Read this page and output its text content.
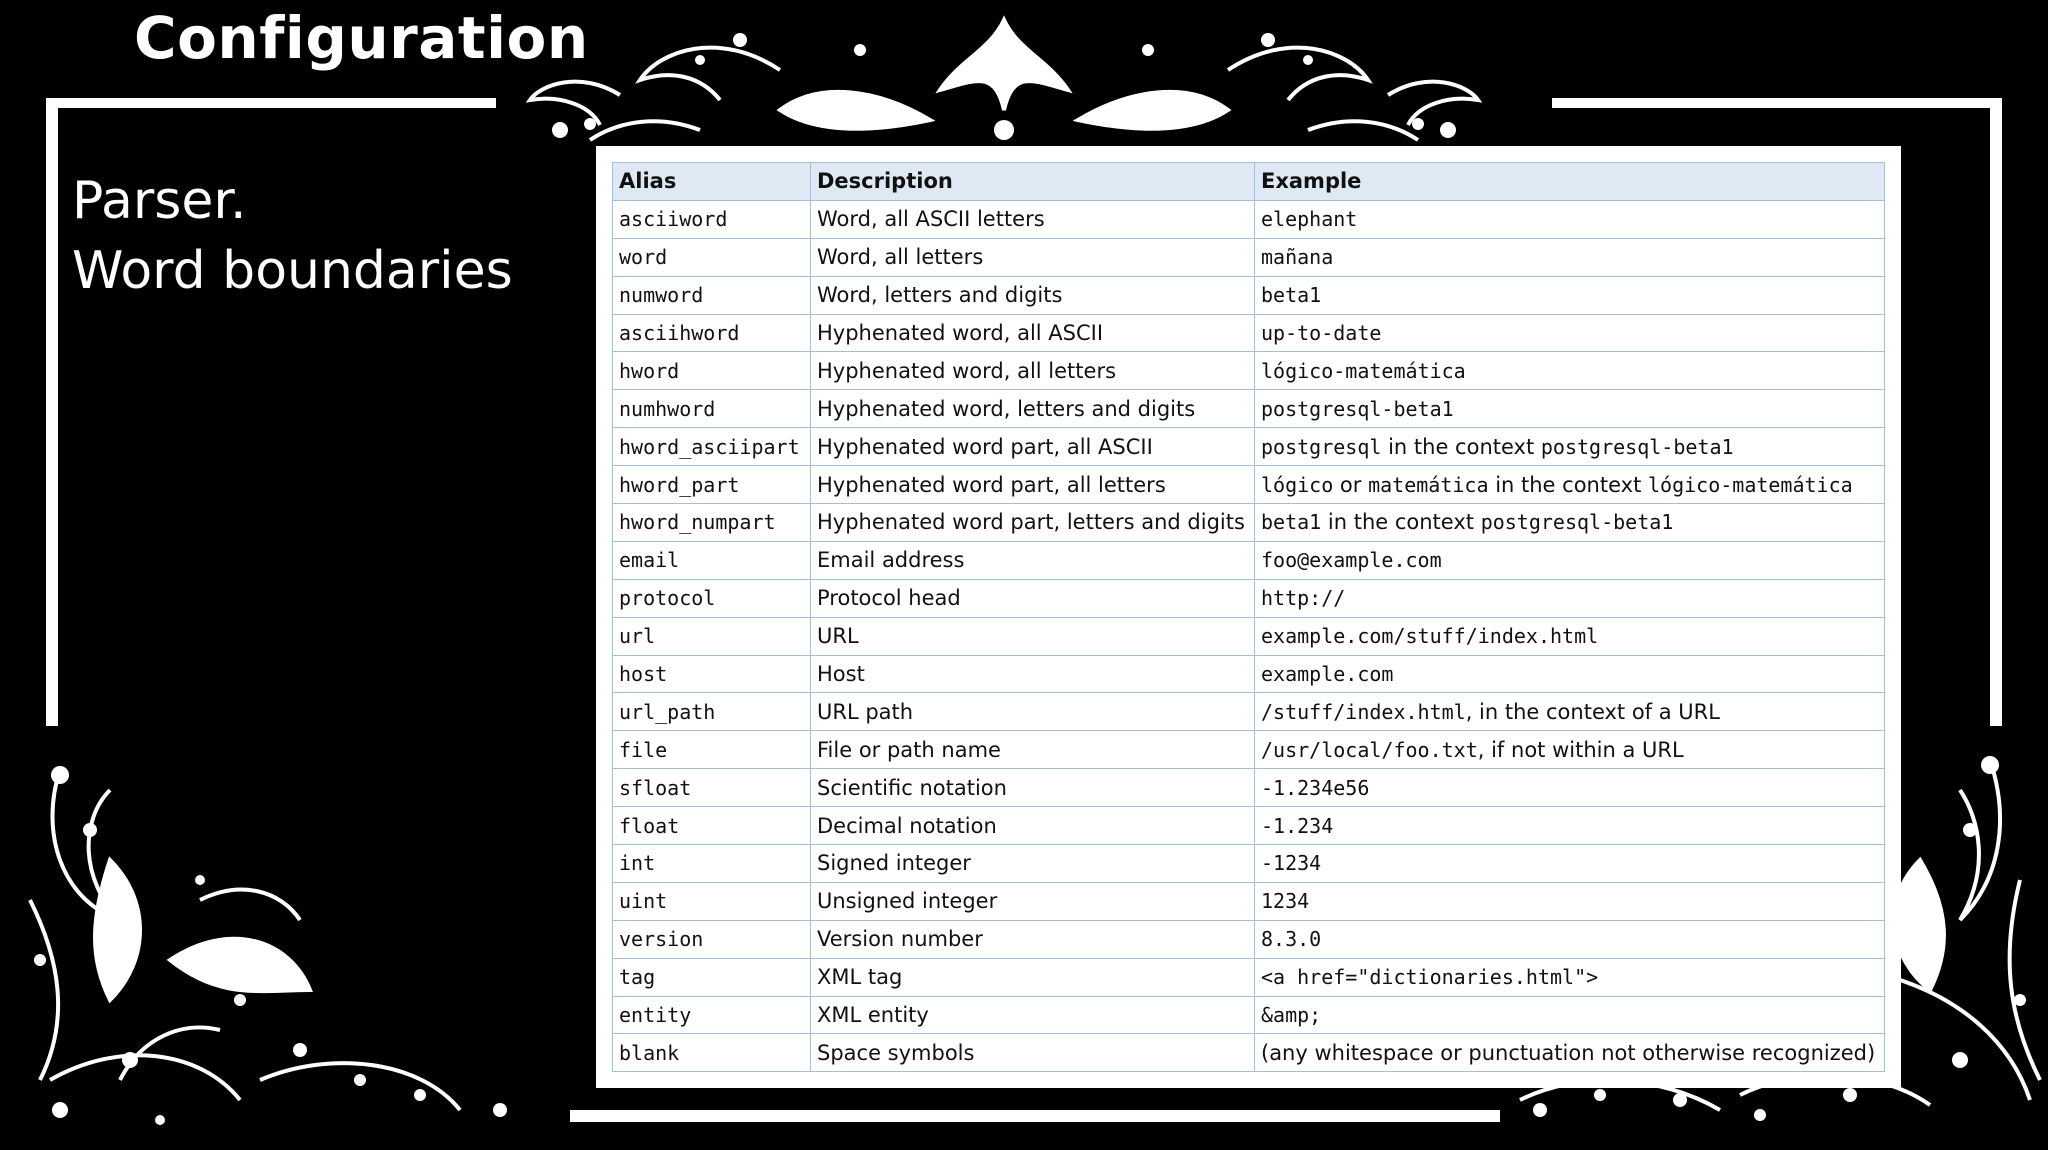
Configuration
Parser.
Word boundaries
Alias	Description	Example
asciiword	Word, all ASCII letters	elephant
word	Word, all letters	mañana
numword	Word, letters and digits	beta1
asciihword	Hyphenated word, all ASCII	up-to-date
hword	Hyphenated word, all letters	lógico-matemática
numhword	Hyphenated word, letters and digits	postgresql-beta1
hword_asciipart	Hyphenated word part, all ASCII	postgresql in the context postgresql-beta1
hword_part	Hyphenated word part, all letters	lógico or matemática in the context lógico-matemática
hword_numpart	Hyphenated word part, letters and digits	beta1 in the context postgresql-beta1
email	Email address	foo@example.com
protocol	Protocol head	http://
url	URL	example.com/stuff/index.html
host	Host	example.com
url_path	URL path	/stuff/index.html, in the context of a URL
file	File or path name	/usr/local/foo.txt, if not within a URL
sfloat	Scientific notation	-1.234e56
float	Decimal notation	-1.234
int	Signed integer	-1234
uint	Unsigned integer	1234
version	Version number	8.3.0
tag	XML tag	<a href="dictionaries.html">
entity	XML entity	&amp;
blank	Space symbols	(any whitespace or punctuation not otherwise recognized)
